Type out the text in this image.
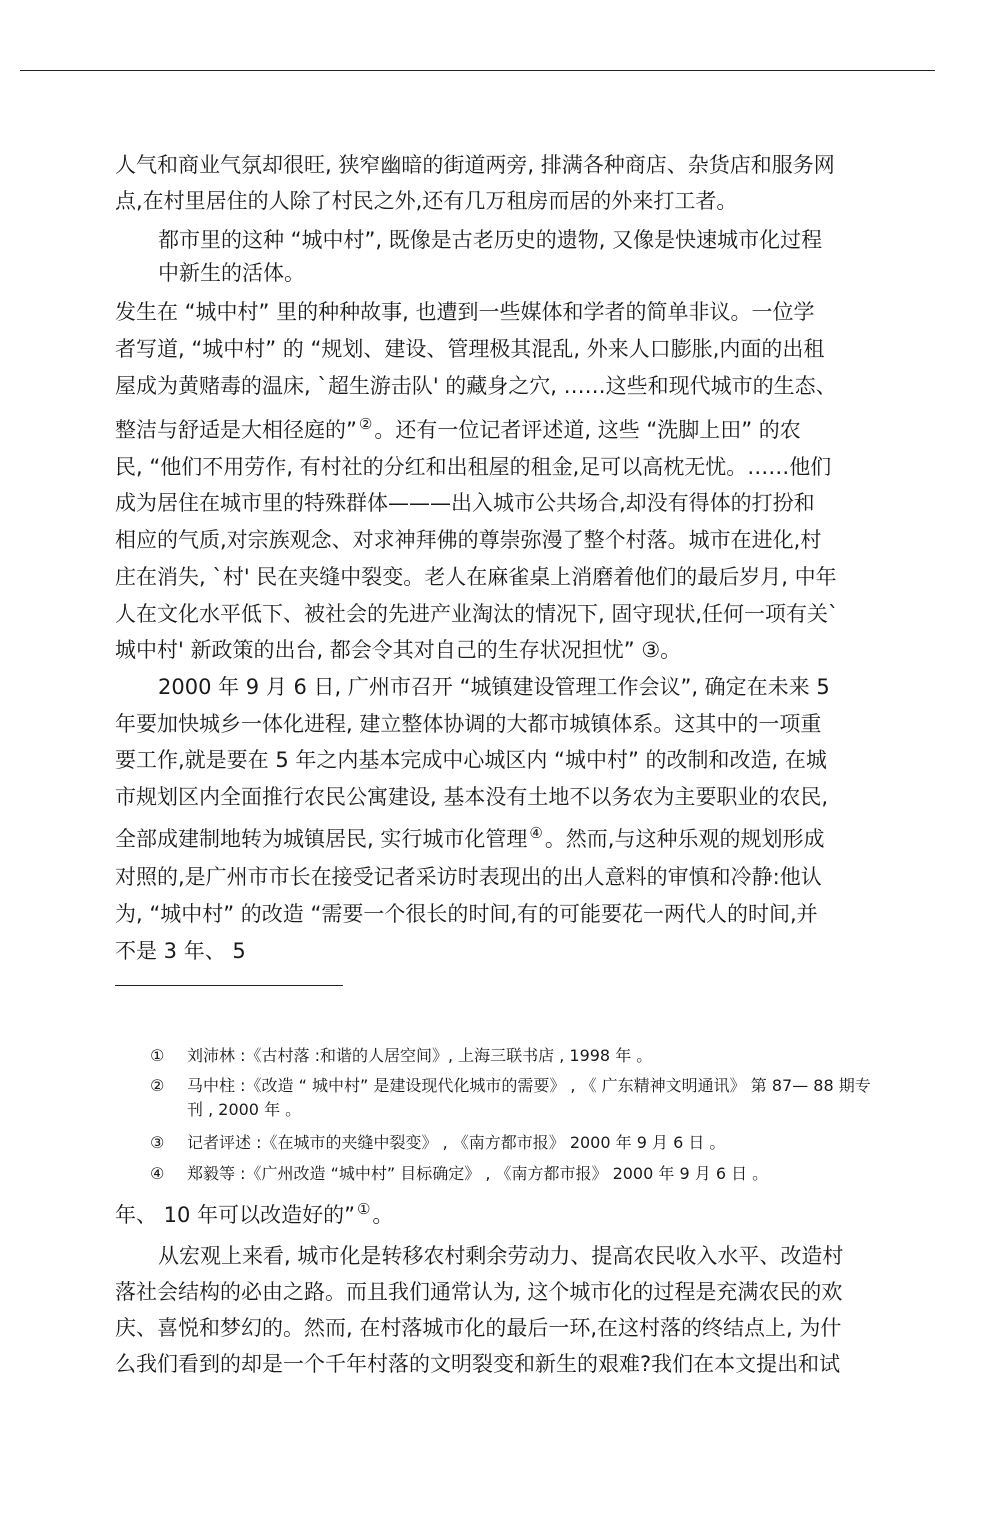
人气和商业气氛却很旺, 狭窄幽暗的街道两旁, 排满各种商店、杂货店和服务网
点,在村里居住的人除了村民之外,还有几万租房而居的外来打工者。
都市里的这种 “城中村”, 既像是古老历史的遗物, 又像是快速城市化过程
中新生的活体。
发生在 “城中村” 里的种种故事, 也遭到一些媒体和学者的简单非议。一位学
者写道, “城中村” 的 “规划、建设、管理极其混乱, 外来人口膨胀,内面的出租
屋成为黄赌毒的温床, `超生游击队' 的藏身之穴, ……这些和现代城市的生态、
整洁与舒适是大相径庭的” ②。还有一位记者评述道, 这些 “洗脚上田” 的农
民, “他们不用劳作, 有村社的分红和出租屋的租金,足可以高枕无忧。……他们
成为居住在城市里的特殊群体———出入城市公共场合,却没有得体的打扮和
相应的气质,对宗族观念、对求神拜佛的尊崇弥漫了整个村落。城市在进化,村
庄在消失, `村' 民在夹缝中裂变。老人在麻雀桌上消磨着他们的最后岁月, 中年
人在文化水平低下、被社会的先进产业淘汰的情况下, 固守现状,任何一项有关`
城中村' 新政策的出台, 都会令其对自己的生存状况担忧” ③。
2000 年 9 月 6 日, 广州市召开 “城镇建设管理工作会议”, 确定在未来 5
年要加快城乡一体化进程, 建立整体协调的大都市城镇体系。这其中的一项重
要工作,就是要在 5 年之内基本完成中心城区内 “城中村” 的改制和改造, 在城
市规划区内全面推行农民公寓建设, 基本没有土地不以务农为主要职业的农民,
全部成建制地转为城镇居民, 实行城市化管理 ④。然而,与这种乐观的规划形成
对照的,是广州市市长在接受记者采访时表现出的出人意料的审慎和冷静:他认
为, “城中村” 的改造 “需要一个很长的时间,有的可能要花一两代人的时间,并
不是 3 年、 5
① 刘沛林 :《古村落 :和谐的人居空间》, 上海三联书店 , 1998 年 。
② 马中柱 :《改造 “ 城中村” 是建设现代化城市的需要》 , 《 广东精神文明通讯》 第 87— 88 期专刊 , 2000 年 。
③ 记者评述 :《在城市的夹缝中裂变》 , 《南方都市报》 2000 年 9 月 6 日 。
④ 郑毅等 :《广州改造 “城中村” 目标确定》 , 《南方都市报》 2000 年 9 月 6 日 。
年、 10 年可以改造好的” ①。
从宏观上来看, 城市化是转移农村剩余劳动力、提高农民收入水平、改造村
落社会结构的必由之路。而且我们通常认为, 这个城市化的过程是充满农民的欢
庆、喜悦和梦幻的。然而, 在村落城市化的最后一环,在这村落的终结点上, 为什
么我们看到的却是一个千年村落的文明裂变和新生的艰难?我们在本文提出和试
